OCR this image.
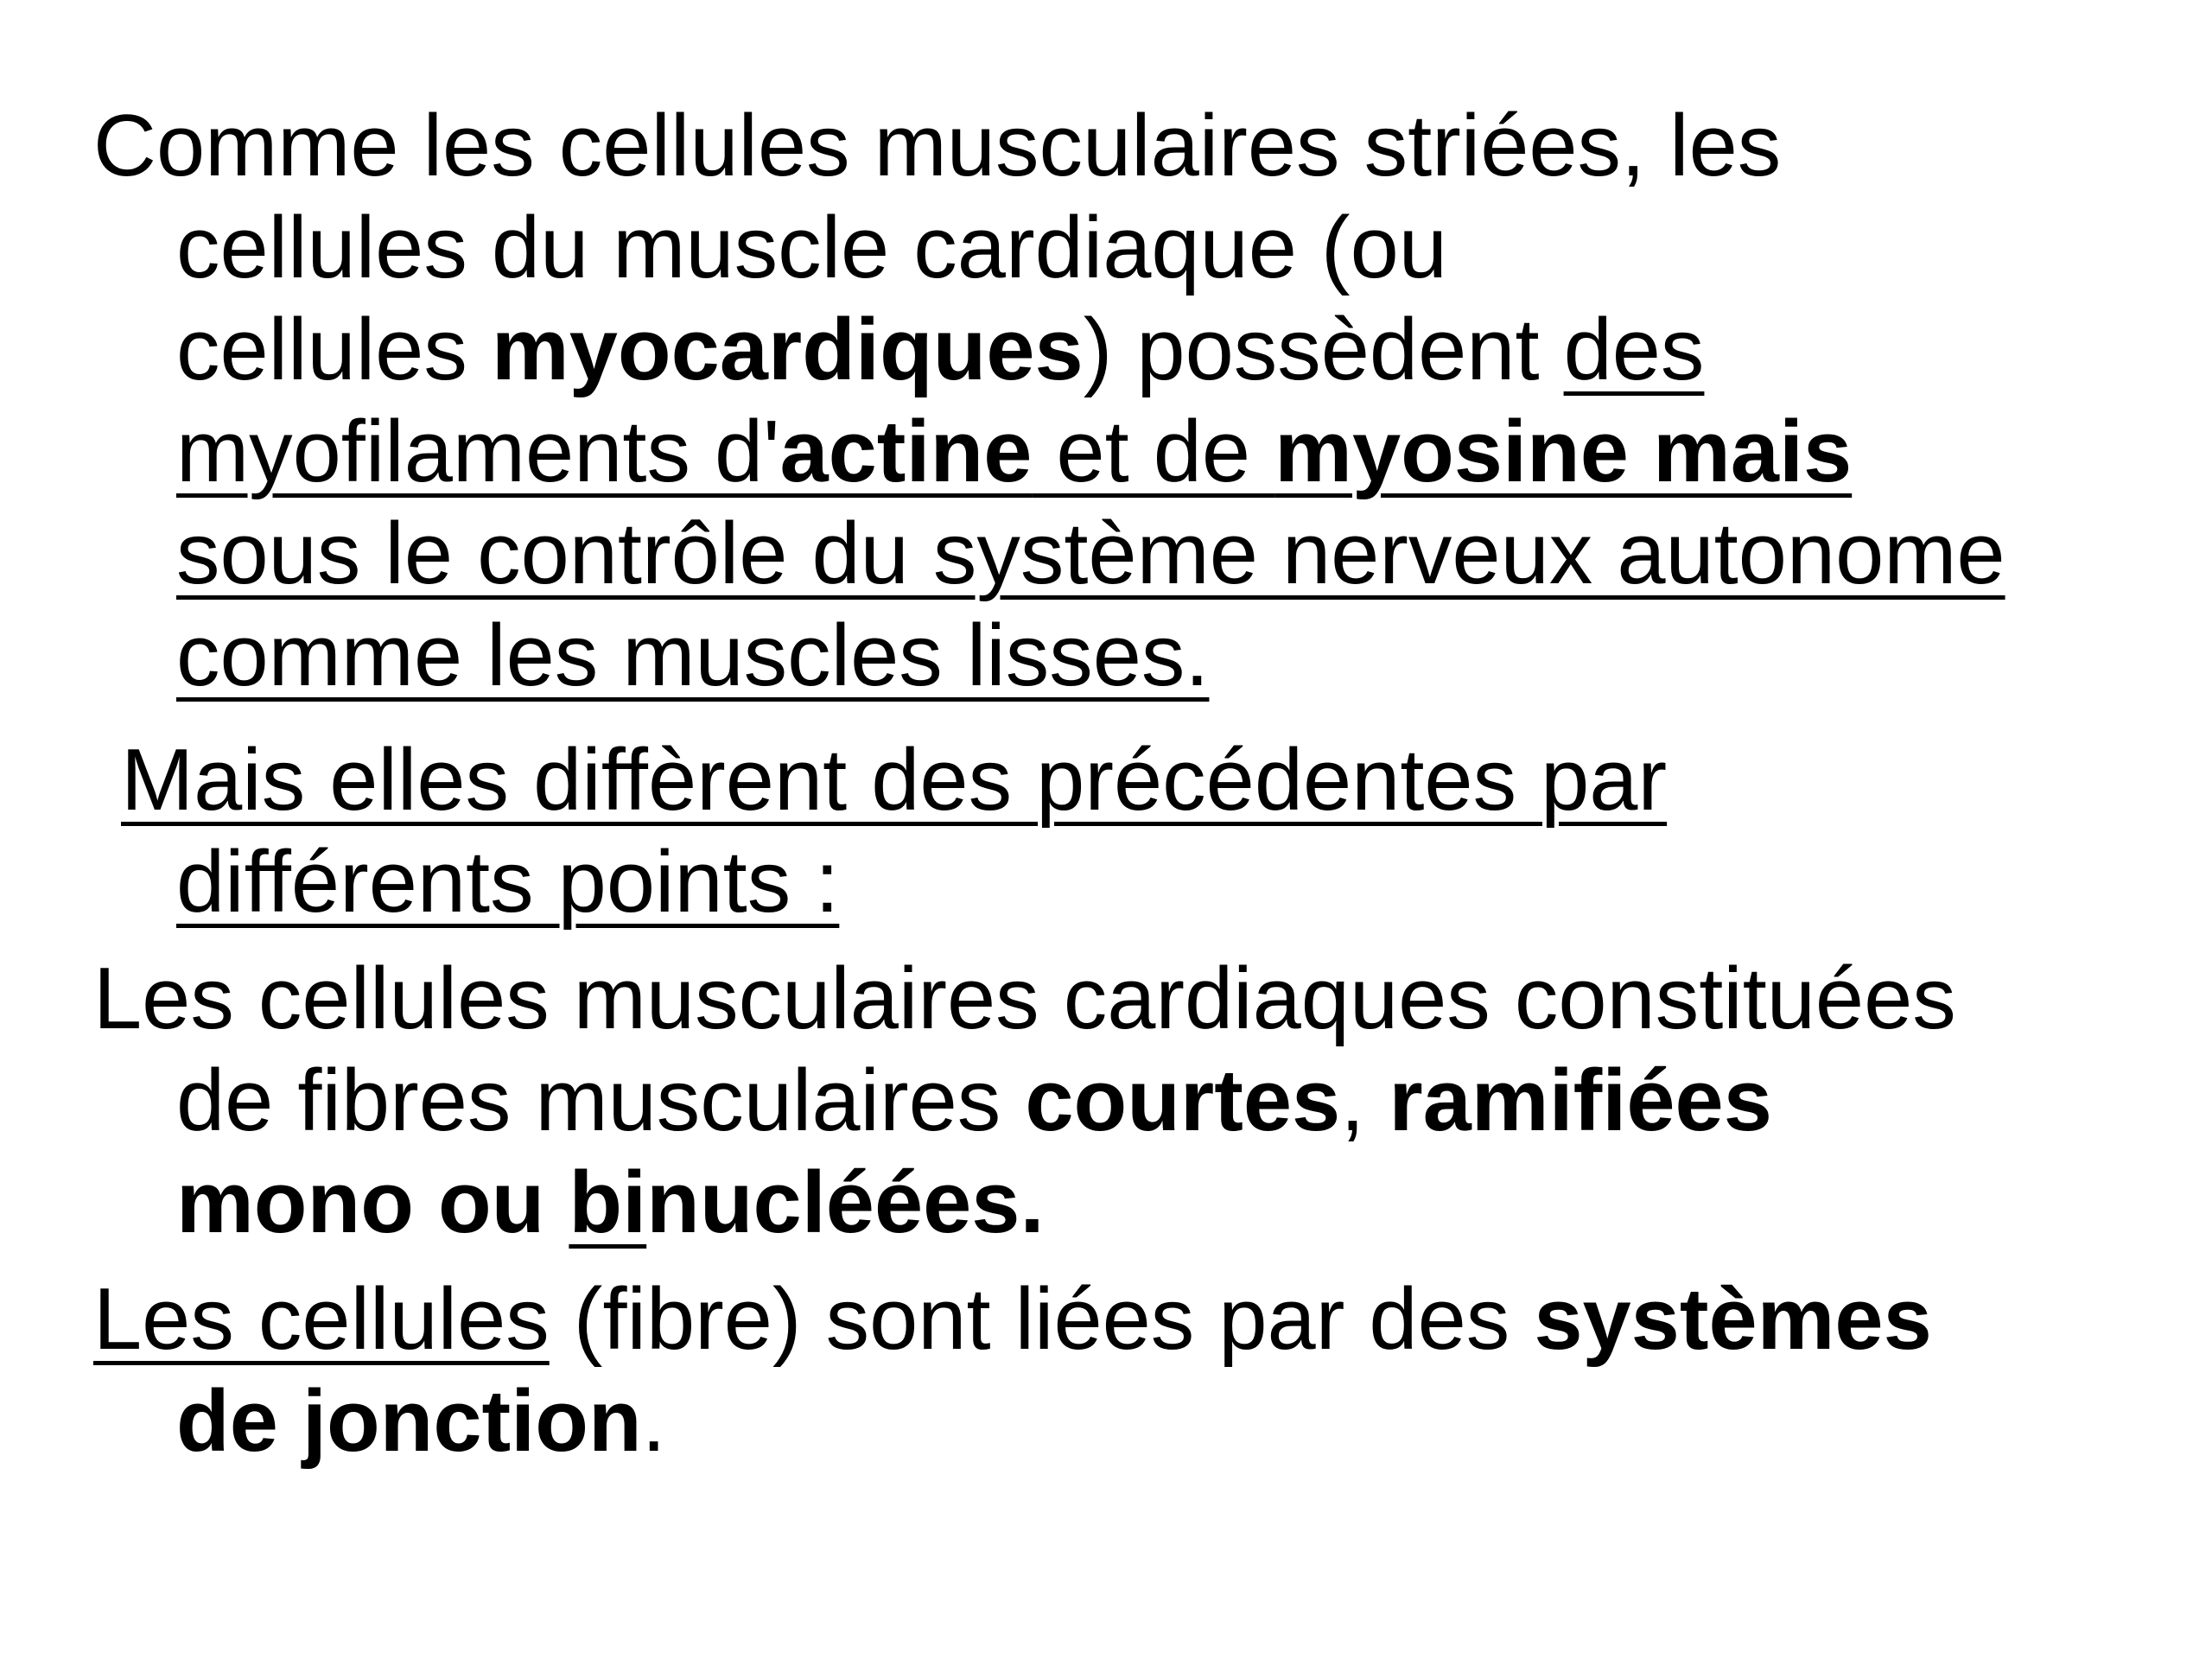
Comme les cellules musculaires striées, les
cellules du muscle cardiaque (ou
cellules myocardiques) possèdent des
myofilaments d'actine et de myosine mais
sous le contrôle du système nerveux autonome
comme les muscles lisses.

Mais elles diffèrent des précédentes par
différents points :

Les cellules musculaires cardiaques constituées
de fibres musculaires courtes, ramifiées
mono ou binucléées.

Les cellules (fibre) sont liées par des systèmes
de jonction.
